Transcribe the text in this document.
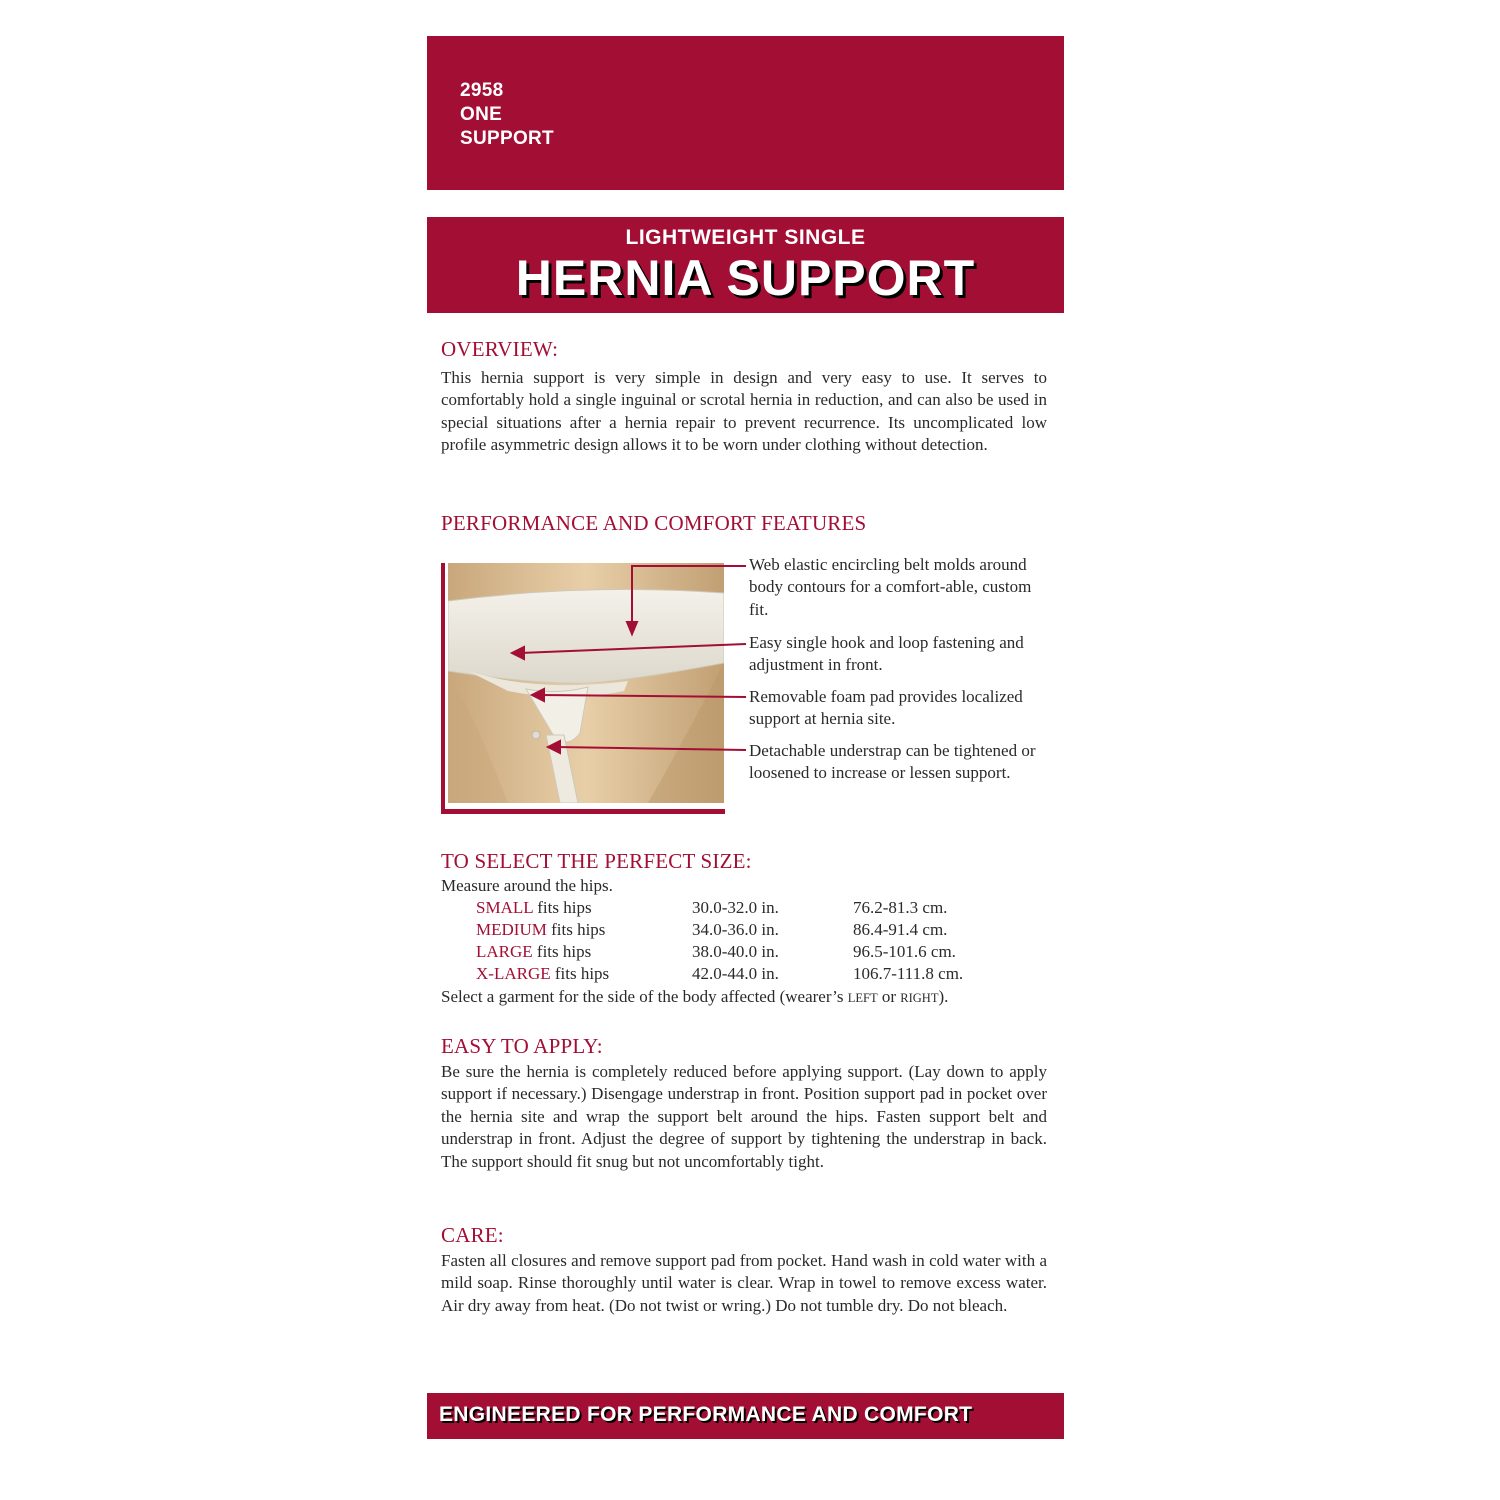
2958
ONE
SUPPORT
LIGHTWEIGHT SINGLE
HERNIA SUPPORT
OVERVIEW:
This hernia support is very simple in design and very easy to use. It serves to comfortably hold a single inguinal or scrotal hernia in reduction, and can also be used in special situations after a hernia repair to prevent recurrence. Its uncomplicated low profile asymmetric design allows it to be worn under clothing without detection.
PERFORMANCE AND COMFORT FEATURES
Web elastic encircling belt molds around body contours for a comfort-able, custom fit.
Easy single hook and loop fastening and adjustment in front.
Removable foam pad provides localized support at hernia site.
Detachable understrap can be tightened or loosened to increase or lessen support.
TO SELECT THE PERFECT SIZE:
Measure around the hips.
SMALL fits hips	30.0-32.0 in.	76.2-81.3 cm.
MEDIUM fits hips	34.0-36.0 in.	86.4-91.4 cm.
LARGE fits hips	38.0-40.0 in.	96.5-101.6 cm.
X-LARGE fits hips	42.0-44.0 in.	106.7-111.8 cm.
Select a garment for the side of the body affected (wearer’s LEFT or RIGHT).
EASY TO APPLY:
Be sure the hernia is completely reduced before applying support. (Lay down to apply support if necessary.) Disengage understrap in front. Position support pad in pocket over the hernia site and wrap the support belt around the hips. Fasten support belt and understrap in front. Adjust the degree of support by tightening the understrap in back. The support should fit snug but not uncomfortably tight.
CARE:
Fasten all closures and remove support pad from pocket. Hand wash in cold water with a mild soap. Rinse thoroughly until water is clear. Wrap in towel to remove excess water. Air dry away from heat. (Do not twist or wring.) Do not tumble dry. Do not bleach.
ENGINEERED FOR PERFORMANCE AND COMFORT
